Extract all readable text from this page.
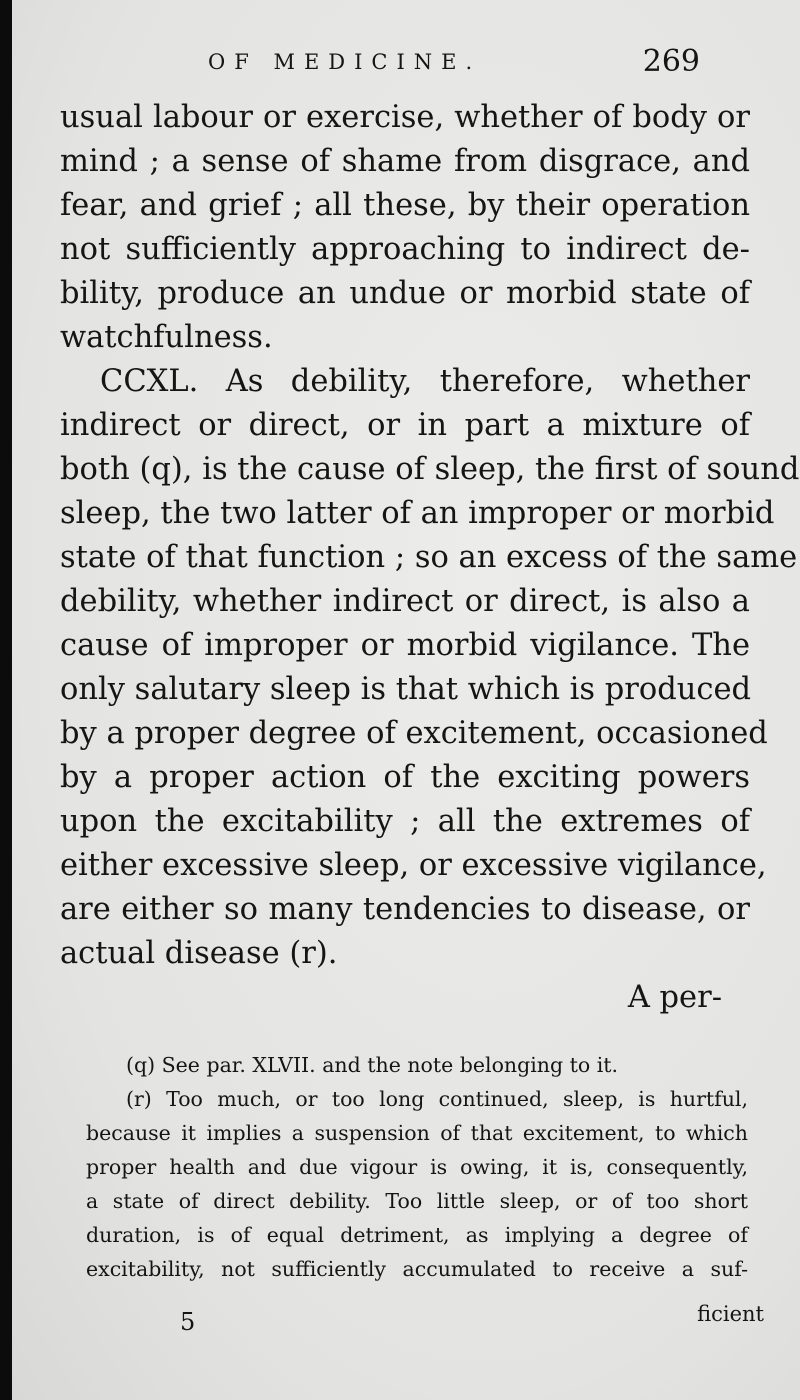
OF MEDICINE.	269
usual labour or exercise, whether of body or
mind ; a sense of shame from disgrace, and
fear, and grief ; all these, by their operation
not sufficiently approaching to indirect de-
bility, produce an undue or morbid state of
watchfulness.
CCXL. As debility, therefore, whether
indirect or direct, or in part a mixture of
both (q), is the cause of sleep, the first of sound
sleep, the two latter of an improper or morbid
state of that function ; so an excess of the same
debility, whether indirect or direct, is also a
cause of improper or morbid vigilance. The
only salutary sleep is that which is produced
by a proper degree of excitement, occasioned
by a proper action of the exciting powers
upon the excitability ; all the extremes of
either excessive sleep, or excessive vigilance,
are either so many tendencies to disease, or
actual disease (r).
A per-
(q) See par. XLVII. and the note belonging to it.
(r) Too much, or too long continued, sleep, is hurtful,
because it implies a suspension of that excitement, to which
proper health and due vigour is owing, it is, consequently,
a state of direct debility. Too little sleep, or of too short
duration, is of equal detriment, as implying a degree of
excitability, not sufficiently accumulated to receive a suf-
5	ficient
